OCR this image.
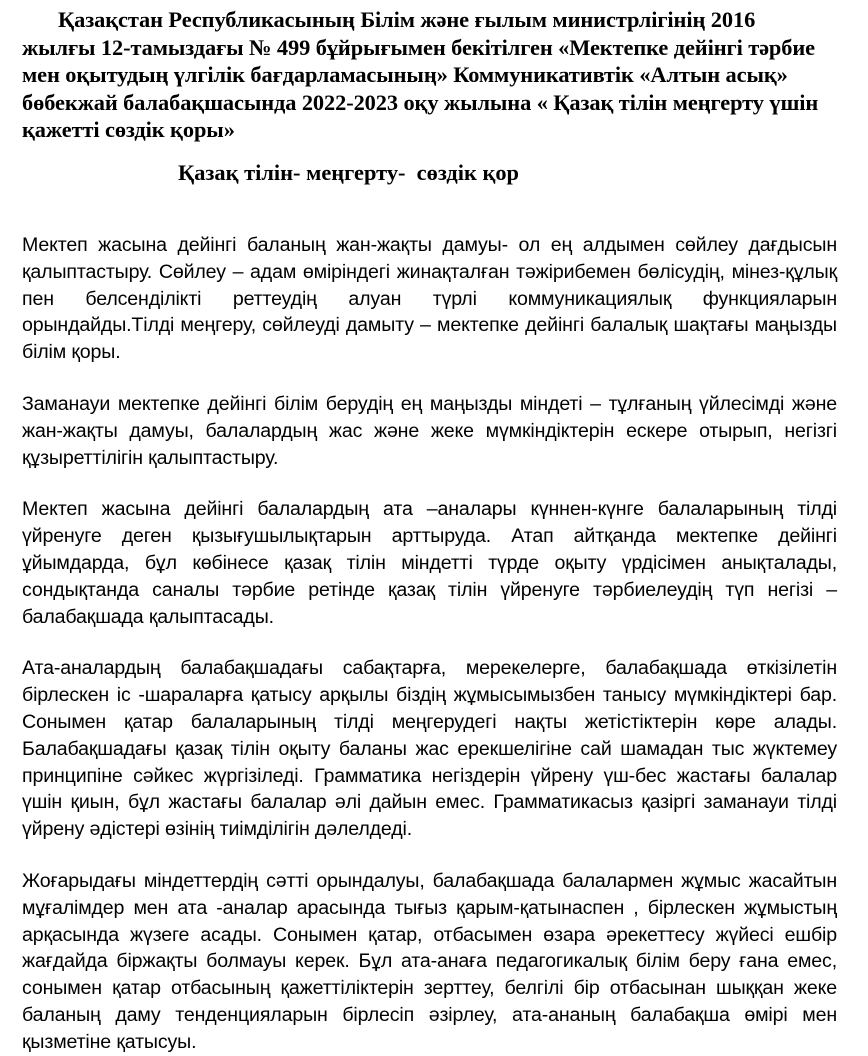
Қазақстан Республикасының Білім және ғылым министрлігінің 2016 жылғы 12-тамыздағы № 499 бұйрығымен бекітілген «Мектепке дейінгі тәрбие мен оқытудың үлгілік бағдарламасының» Коммуникативтік «Алтын асық» бөбекжай балабақшасында 2022-2023 оқу жылына « Қазақ тілін меңгерту үшін қажетті сөздік қоры»

Қазақ тілін- меңгерту-  сөздік қор

Мектеп жасына дейінгі баланың жан-жақты дамуы- ол ең алдымен сөйлеу дағдысын қалыптастыру. Сөйлеу – адам өміріндегі жинақталған тәжірибемен бөлісудің, мінез-құлық пен белсенділікті реттеудің алуан түрлі коммуникациялық функцияларын орындайды.Тілді меңгеру, сөйлеуді дамыту – мектепке дейінгі балалық шақтағы маңызды білім қоры.

Заманауи мектепке дейінгі білім берудің ең маңызды міндеті – тұлғаның үйлесімді және жан-жақты дамуы, балалардың жас және жеке мүмкіндіктерін ескере отырып, негізгі құзыреттілігін қалыптастыру.

Мектеп жасына дейінгі балалардың ата –аналары күннен-күнге балаларының тілді үйренуге деген қызығушылықтарын арттыруда. Атап айтқанда мектепке дейінгі ұйымдарда, бұл көбінесе қазақ тілін міндетті түрде оқыту үрдісімен анықталады, сондықтанда саналы тәрбие ретінде қазақ тілін үйренуге тәрбиелеудің түп негізі – балабақшада қалыптасады.

Ата-аналардың балабақшадағы сабақтарға, мерекелерге, балабақшада өткізілетін бірлескен іс -шараларға қатысу арқылы біздің жұмысымызбен танысу мүмкіндіктері бар. Сонымен қатар балаларының тілді меңгерудегі нақты жетістіктерін көре алады. Балабақшадағы қазақ тілін оқыту баланы жас ерекшелігіне сай шамадан тыс жүктемеу принципіне сәйкес жүргізіледі. Грамматика негіздерін үйрену үш-бес жастағы балалар үшін қиын, бұл жастағы балалар әлі дайын емес. Грамматикасыз қазіргі заманауи тілді үйрену әдістері өзінің тиімділігін дәлелдеді.

Жоғарыдағы міндеттердің сәтті орындалуы, балабақшада балалармен жұмыс жасайтын мұғалімдер мен ата -аналар арасында тығыз қарым-қатынаспен , бірлескен жұмыстың арқасында жүзеге асады. Сонымен қатар, отбасымен өзара әрекеттесу жүйесі ешбір жағдайда біржақты болмауы керек. Бұл ата-анаға педагогикалық білім беру ғана емес, сонымен қатар отбасының қажеттіліктерін зерттеу, белгілі бір отбасынан шыққан жеке баланың даму тенденцияларын бірлесіп әзірлеу, ата-ананың балабақша өмірі мен қызметіне қатысуы.
